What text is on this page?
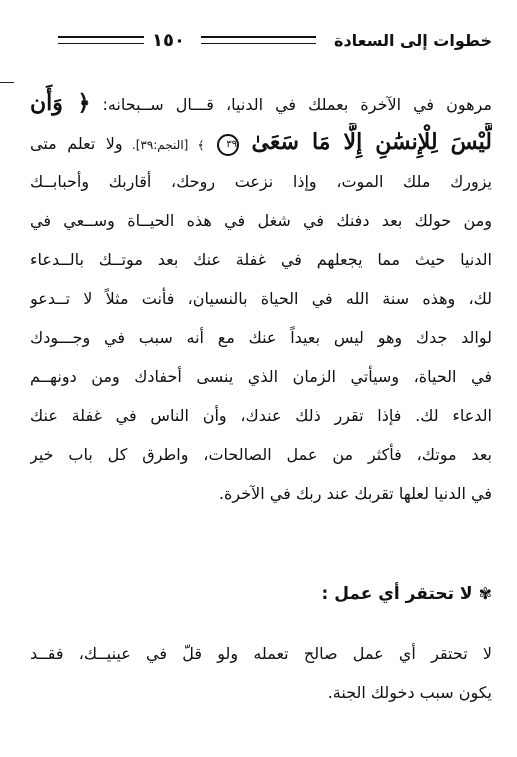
خطوات إلى السعادة
١٥٠
مرهون في الآخرة بعملك في الدنيا، قـــال ســبحانه: ﴿ وَأَن
لَّيْسَ لِلْإِنسَٰنِ إِلَّا مَا سَعَىٰ ٣٩ ﴾ [النجم:٣٩]. ولا تعلم متى
يزورك ملك الموت، وإذا نزعت روحك، أقاربك وأحبابــك
ومن حولك بعد دفنك في شغل في هذه الحيــاة وســعي في
الدنيا حيث مما يجعلهم في غفلة عنك بعد موتــك بالــدعاء
لك، وهذه سنة الله في الحياة بالنسيان، فأنت مثلاً لا تــدعو
لوالد جدك وهو ليس بعيداً عنك مع أنه سبب في وجـــودك
في الحياة، وسيأتي الزمان الذي ينسى أحفادك ومن دونهــم
الدعاء لك. فإذا تقرر ذلك عندك، وأن الناس في غفلة عنك
بعد موتك، فأكثر من عمل الصالحات، واطرق كل باب خير
في الدنيا لعلها تقربك عند ربك في الآخرة.
✾لا تحتقر أي عمل :
لا تحتقر أي عمل صالح تعمله ولو قلّ في عينيــك، فقــد
يكون سبب دخولك الجنة.
